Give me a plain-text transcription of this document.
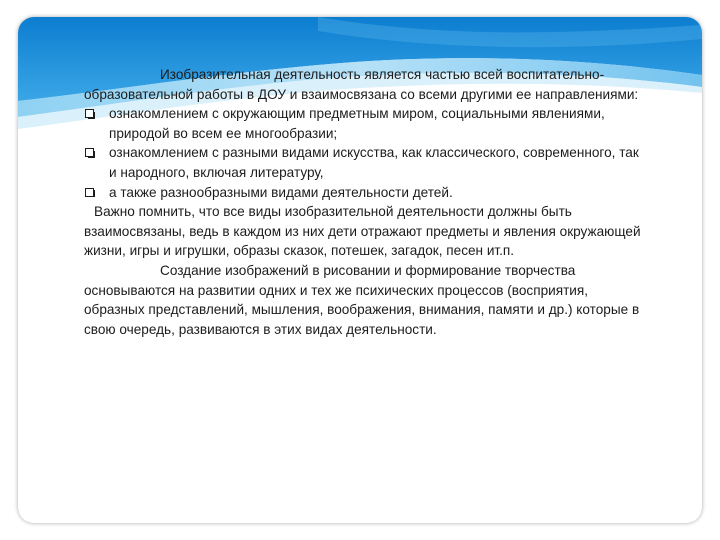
Изобразительная деятельность является частью всей воспитательно-образовательной работы в ДОУ и взаимосвязана со всеми другими ее направлениями:

ознакомлением с окружающим предметным миром, социальными явлениями, природой во всем ее многообразии;
ознакомлением с разными видами искусства, как классического, современного, так и народного, включая литературу,
а также разнообразными видами деятельности детей.

Важно помнить, что все виды изобразительной деятельности должны быть взаимосвязаны, ведь в каждом из них дети отражают предметы и явления окружающей жизни, игры и игрушки, образы сказок, потешек, загадок, песен ит.п.

Создание изображений в рисовании и формирование творчества основываются на развитии одних и тех же психических процессов (восприятия, образных представлений, мышления, воображения, внимания, памяти и др.) которые в свою очередь, развиваются в этих видах деятельности.
